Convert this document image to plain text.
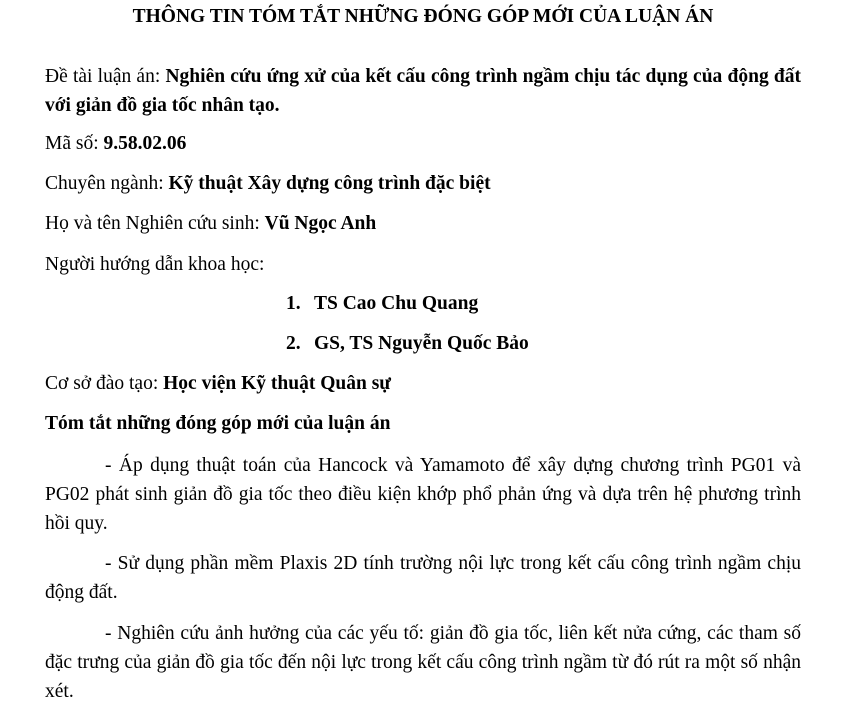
THÔNG TIN TÓM TẮT NHỮNG ĐÓNG GÓP MỚI CỦA LUẬN ÁN
Đề tài luận án: Nghiên cứu ứng xử của kết cấu công trình ngầm chịu tác dụng của động đất với giản đồ gia tốc nhân tạo.
Mã số: 9.58.02.06
Chuyên ngành: Kỹ thuật Xây dựng công trình đặc biệt
Họ và tên Nghiên cứu sinh: Vũ Ngọc Anh
Người hướng dẫn khoa học:
1. TS Cao Chu Quang
2. GS, TS Nguyễn Quốc Bảo
Cơ sở đào tạo: Học viện Kỹ thuật Quân sự
Tóm tắt những đóng góp mới của luận án
- Áp dụng thuật toán của Hancock và Yamamoto để xây dựng chương trình PG01 và PG02 phát sinh giản đồ gia tốc theo điều kiện khớp phổ phản ứng và dựa trên hệ phương trình hồi quy.
- Sử dụng phần mềm Plaxis 2D tính trường nội lực trong kết cấu công trình ngầm chịu động đất.
- Nghiên cứu ảnh hưởng của các yếu tố: giản đồ gia tốc, liên kết nửa cứng, các tham số đặc trưng của giản đồ gia tốc đến nội lực trong kết cấu công trình ngầm từ đó rút ra một số nhận xét.
